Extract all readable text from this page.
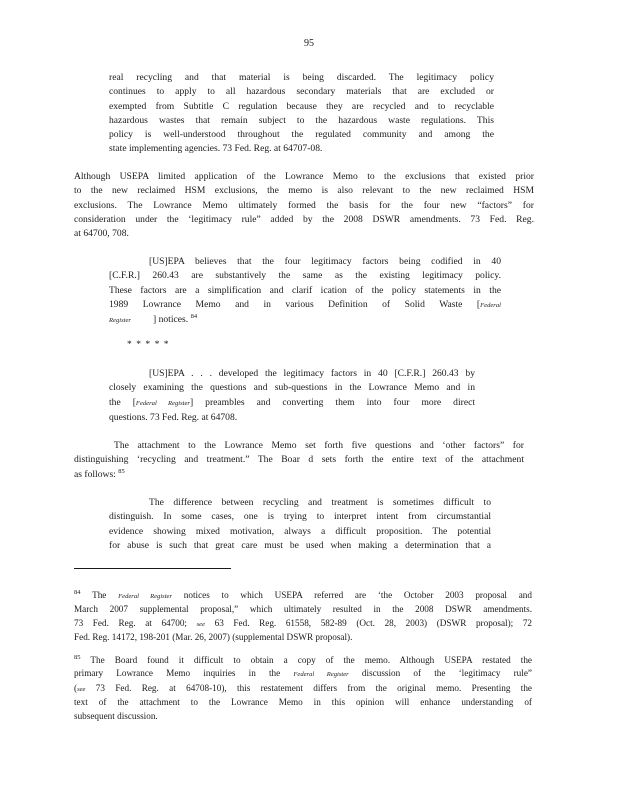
95
real recycling and that material is being discarded. The legitimacy policy
continues to apply to all hazardous secondary materials that are excluded or
exempted from Subtitle C regulation because they are recycled and to recyclable
hazardous wastes that remain subject to the hazardous waste regulations. This
policy is well-understood throughout the regulated community and among the
state implementing agencies. 73 Fed. Reg. at 64707-08.
Although USEPA limited application of the Lowrance Memo to the exclusions that existed prior
to the new reclaimed HSM exclusions, the memo is also relevant to the new reclaimed HSM
exclusions. The Lowrance Memo ultimately formed the basis for the four new “factors” for
consideration under the ‘legitimacy rule” added by the 2008 DSWR amendments. 73 Fed. Reg.
at 64700, 708.
[US]EPA believes that the four legitimacy factors being codified in 40
[C.F.R.] 260.43 are substantively the same as the existing legitimacy policy.
These factors are a simplification and clarif ication of the policy statements in the
1989 Lowrance Memo and in various Definition of Solid Waste [Federal
Register ] notices. $^{84}$
* * * * *
[US]EPA . . . developed the legitimacy factors in 40 [C.F.R.] 260.43 by
closely examining the questions and sub-questions in the Lowrance Memo and in
the [Federal Register] preambles and converting them into four more direct
questions. 73 Fed. Reg. at 64708.
The attachment to the Lowrance Memo set forth five questions and ‘other factors” for
distinguishing ‘recycling and treatment.” The Boar d sets forth the entire text of the attachment
as follows: $^{85}$
The difference between recycling and treatment is sometimes difficult to
distinguish. In some cases, one is trying to interpret intent from circumstantial
evidence showing mixed motivation, always a difficult proposition. The potential
for abuse is such that great care must be used when making a determination that a
$^{84}$ The Federal Register notices to which USEPA referred are ‘the October 2003 proposal and
March 2007 supplemental proposal,” which ultimately resulted in the 2008 DSWR amendments.
73 Fed. Reg. at 64700; see 63 Fed. Reg. 61558, 582-89 (Oct. 28, 2003) (DSWR proposal); 72
Fed. Reg. 14172, 198-201 (Mar. 26, 2007) (supplemental DSWR proposal).
$^{85}$ The Board found it difficult to obtain a copy of the memo. Although USEPA restated the
primary Lowrance Memo inquiries in the Federal Register discussion of the ‘legitimacy rule”
(see 73 Fed. Reg. at 64708-10), this restatement differs from the original memo. Presenting the
text of the attachment to the Lowrance Memo in this opinion will enhance understanding of
subsequent discussion.
